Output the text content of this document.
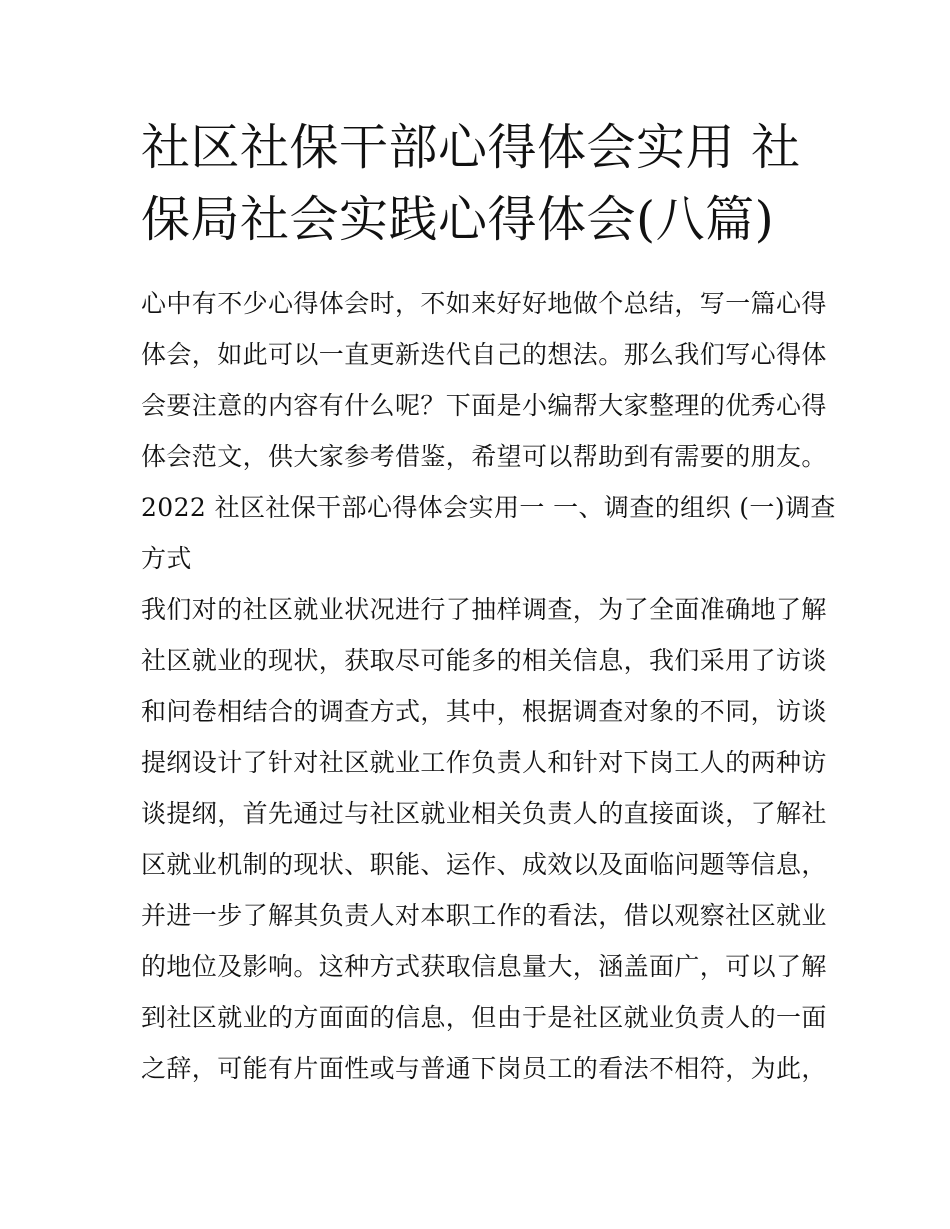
社区社保干部心得体会实用 社
保局社会实践心得体会(八篇)
心中有不少心得体会时，不如来好好地做个总结，写一篇心得
体会，如此可以一直更新迭代自己的想法。那么我们写心得体
会要注意的内容有什么呢？下面是小编帮大家整理的优秀心得
体会范文，供大家参考借鉴，希望可以帮助到有需要的朋友。
2022 社区社保干部心得体会实用一 一、调查的组织 (一)调查
方式
我们对的社区就业状况进行了抽样调查，为了全面准确地了解
社区就业的现状，获取尽可能多的相关信息，我们采用了访谈
和问卷相结合的调查方式，其中，根据调查对象的不同，访谈
提纲设计了针对社区就业工作负责人和针对下岗工人的两种访
谈提纲，首先通过与社区就业相关负责人的直接面谈，了解社
区就业机制的现状、职能、运作、成效以及面临问题等信息，
并进一步了解其负责人对本职工作的看法，借以观察社区就业
的地位及影响。这种方式获取信息量大，涵盖面广，可以了解
到社区就业的方面面的信息，但由于是社区就业负责人的一面
之辞，可能有片面性或与普通下岗员工的看法不相符，为此，
